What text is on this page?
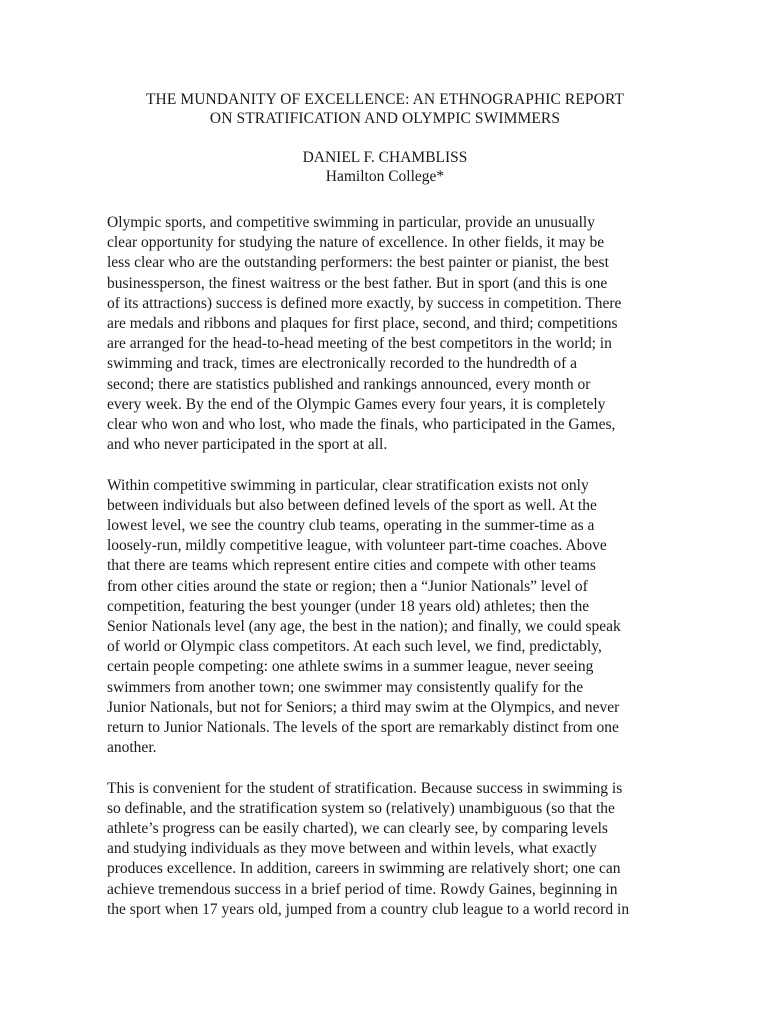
THE MUNDANITY OF EXCELLENCE: AN ETHNOGRAPHIC REPORT
ON STRATIFICATION AND OLYMPIC SWIMMERS

DANIEL F. CHAMBLISS

Hamilton College*

Olympic sports, and competitive swimming in particular, provide an unusually
clear opportunity for studying the nature of excellence. In other fields, it may be
less clear who are the outstanding performers: the best painter or pianist, the best
businessperson, the finest waitress or the best father. But in sport (and this is one
of its attractions) success is defined more exactly, by success in competition. There
are medals and ribbons and plaques for first place, second, and third; competitions
are arranged for the head-to-head meeting of the best competitors in the world; in
swimming and track, times are electronically recorded to the hundredth of a
second; there are statistics published and rankings announced, every month or
every week. By the end of the Olympic Games every four years, it is completely
clear who won and who lost, who made the finals, who participated in the Games,
and who never participated in the sport at all.

Within competitive swimming in particular, clear stratification exists not only
between individuals but also between defined levels of the sport as well. At the
lowest level, we see the country club teams, operating in the summer-time as a
loosely-run, mildly competitive league, with volunteer part-time coaches. Above
that there are teams which represent entire cities and compete with other teams
from other cities around the state or region; then a “Junior Nationals” level of
competition, featuring the best younger (under 18 years old) athletes; then the
Senior Nationals level (any age, the best in the nation); and finally, we could speak
of world or Olympic class competitors. At each such level, we find, predictably,
certain people competing: one athlete swims in a summer league, never seeing
swimmers from another town; one swimmer may consistently qualify for the
Junior Nationals, but not for Seniors; a third may swim at the Olympics, and never
return to Junior Nationals. The levels of the sport are remarkably distinct from one
another.

This is convenient for the student of stratification. Because success in swimming is
so definable, and the stratification system so (relatively) unambiguous (so that the
athlete’s progress can be easily charted), we can clearly see, by comparing levels
and studying individuals as they move between and within levels, what exactly
produces excellence. In addition, careers in swimming are relatively short; one can
achieve tremendous success in a brief period of time. Rowdy Gaines, beginning in
the sport when 17 years old, jumped from a country club league to a world record in
